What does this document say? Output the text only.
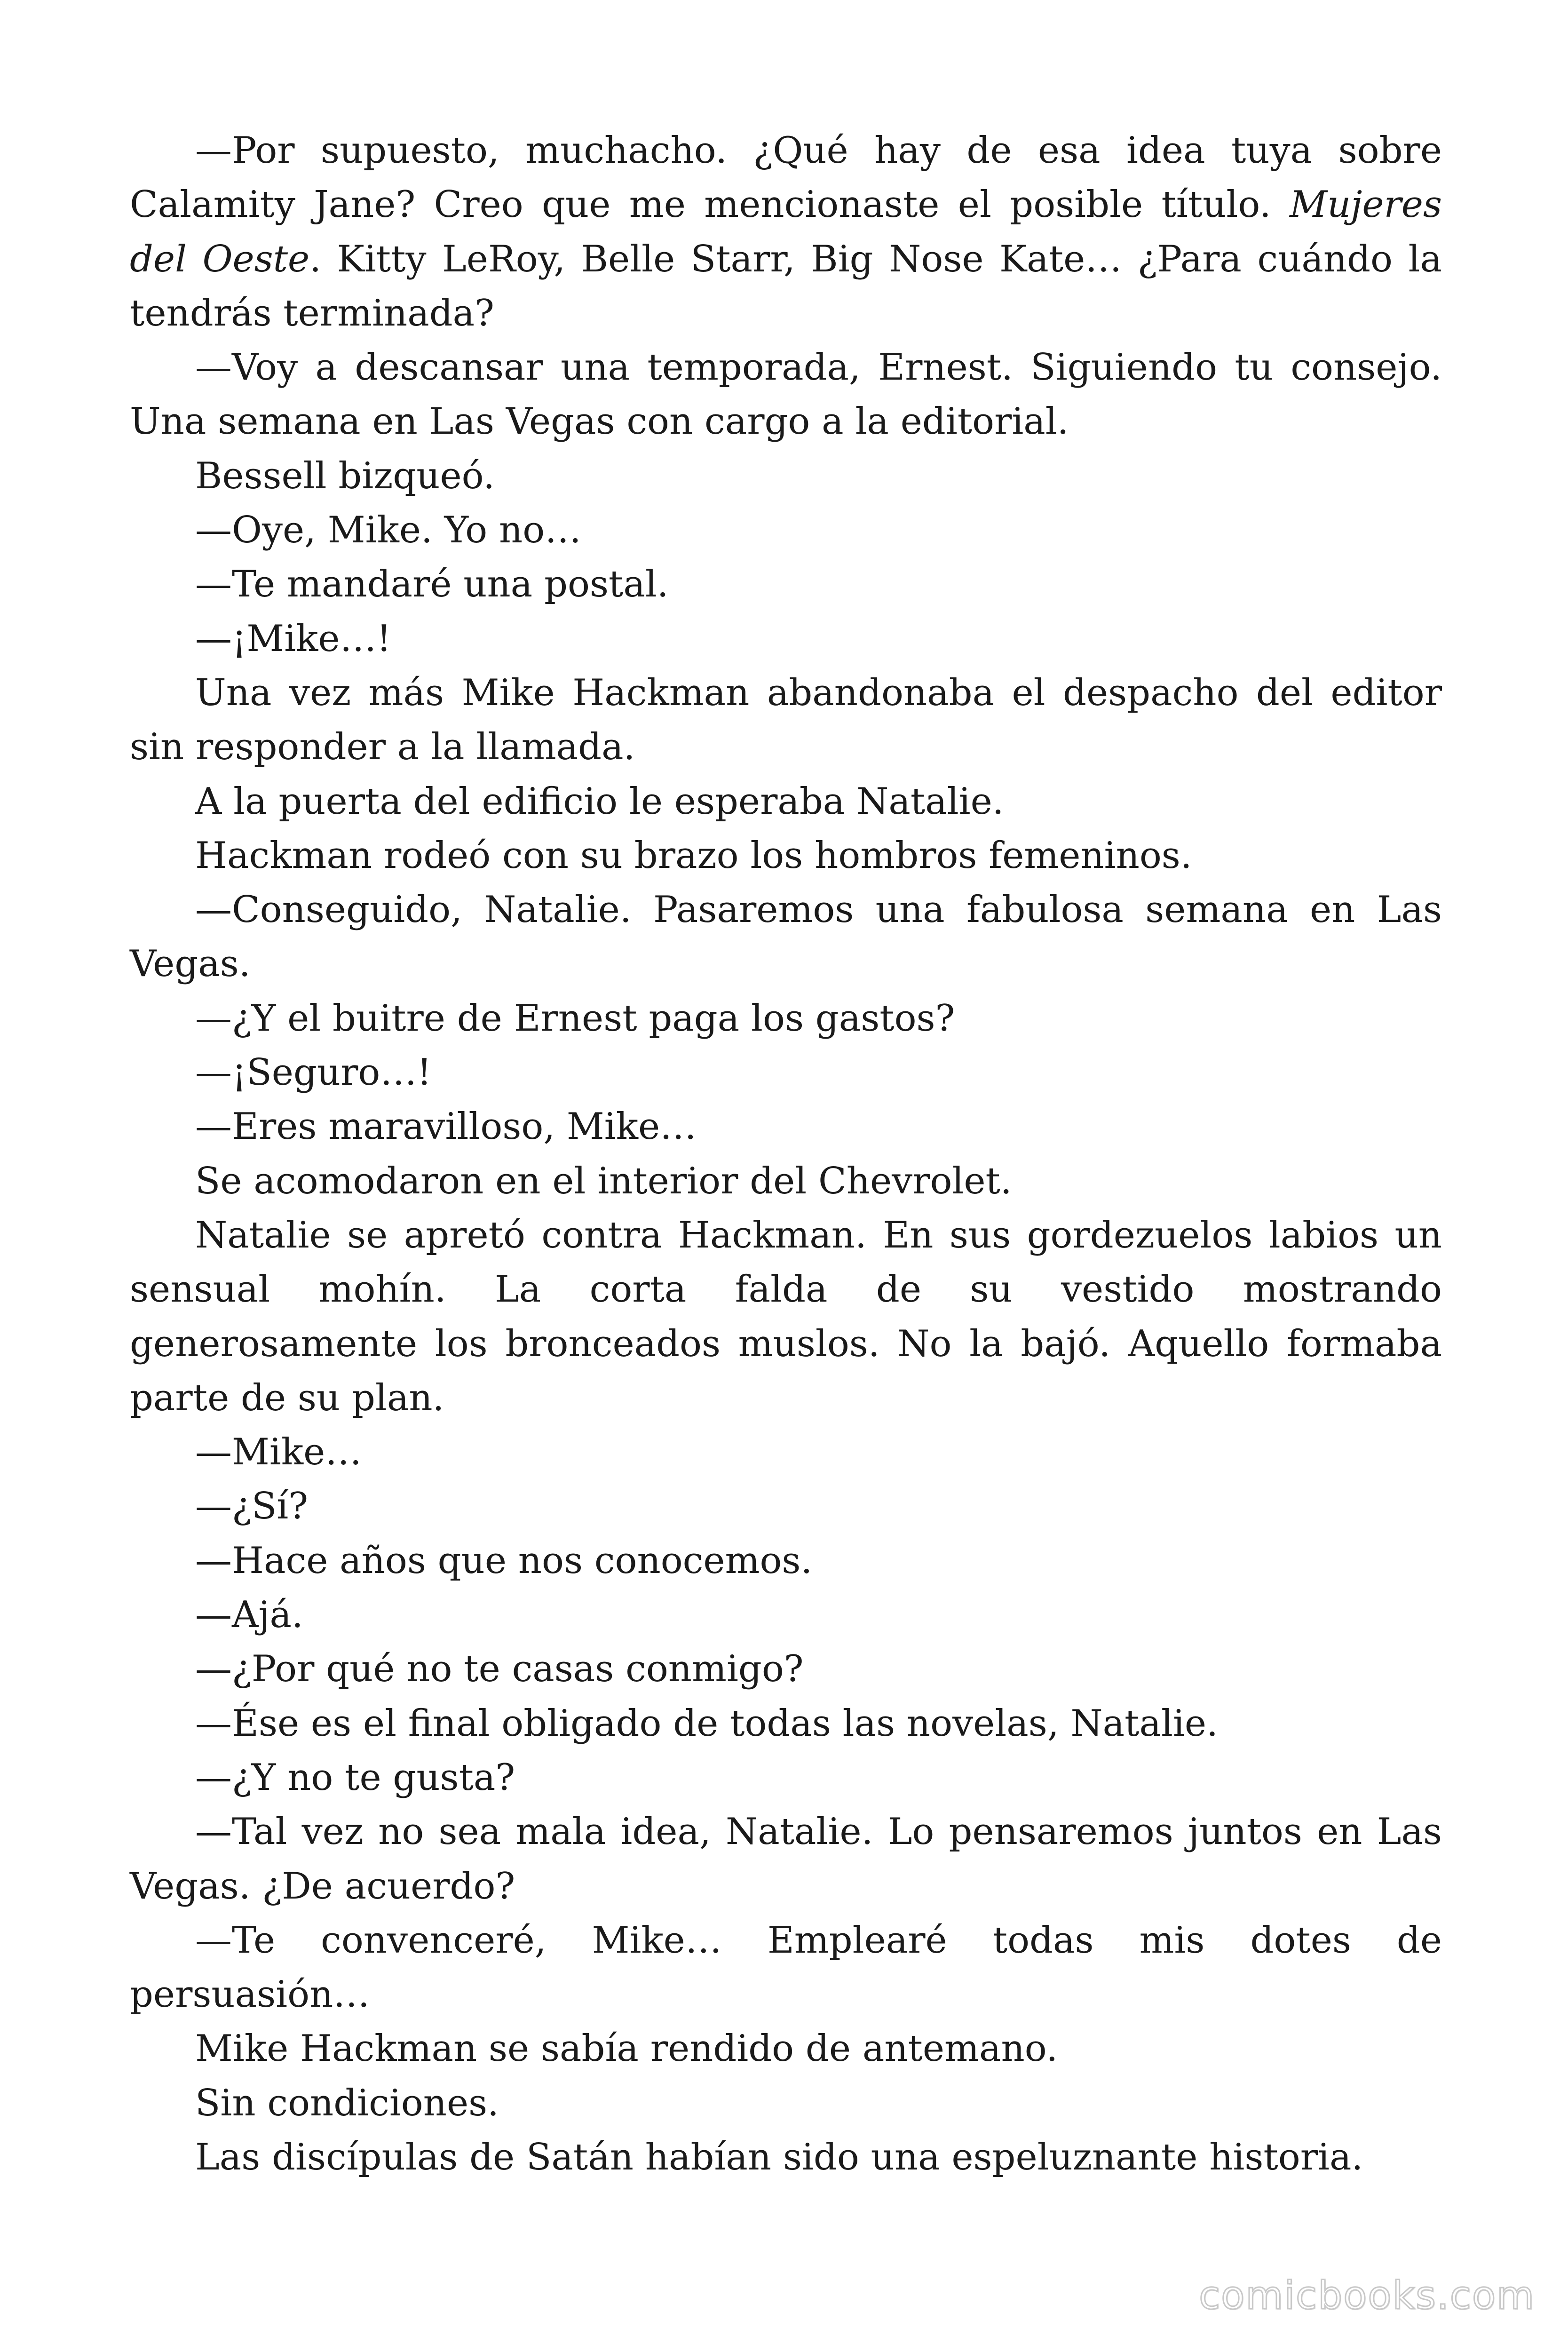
—Por supuesto, muchacho. ¿Qué hay de esa idea tuya sobre Calamity Jane? Creo que me mencionaste el posible título. Mujeres del Oeste. Kitty LeRoy, Belle Starr, Big Nose Kate… ¿Para cuándo la tendrás terminada?

—Voy a descansar una temporada, Ernest. Siguiendo tu consejo. Una semana en Las Vegas con cargo a la editorial.

Bessell bizqueó.

—Oye, Mike. Yo no…

—Te mandaré una postal.

—¡Mike…!

Una vez más Mike Hackman abandonaba el despacho del editor sin responder a la llamada.

A la puerta del edificio le esperaba Natalie.

Hackman rodeó con su brazo los hombros femeninos.

—Conseguido, Natalie. Pasaremos una fabulosa semana en Las Vegas.

—¿Y el buitre de Ernest paga los gastos?

—¡Seguro…!

—Eres maravilloso, Mike…

Se acomodaron en el interior del Chevrolet.

Natalie se apretó contra Hackman. En sus gordezuelos labios un sensual mohín. La corta falda de su vestido mostrando generosamente los bronceados muslos. No la bajó. Aquello formaba parte de su plan.

—Mike…

—¿Sí?

—Hace años que nos conocemos.

—Ajá.

—¿Por qué no te casas conmigo?

—Ése es el final obligado de todas las novelas, Natalie.

—¿Y no te gusta?

—Tal vez no sea mala idea, Natalie. Lo pensaremos juntos en Las Vegas. ¿De acuerdo?

—Te convenceré, Mike… Emplearé todas mis dotes de persuasión…

Mike Hackman se sabía rendido de antemano.

Sin condiciones.

Las discípulas de Satán habían sido una espeluznante historia.

comicbooks.com
